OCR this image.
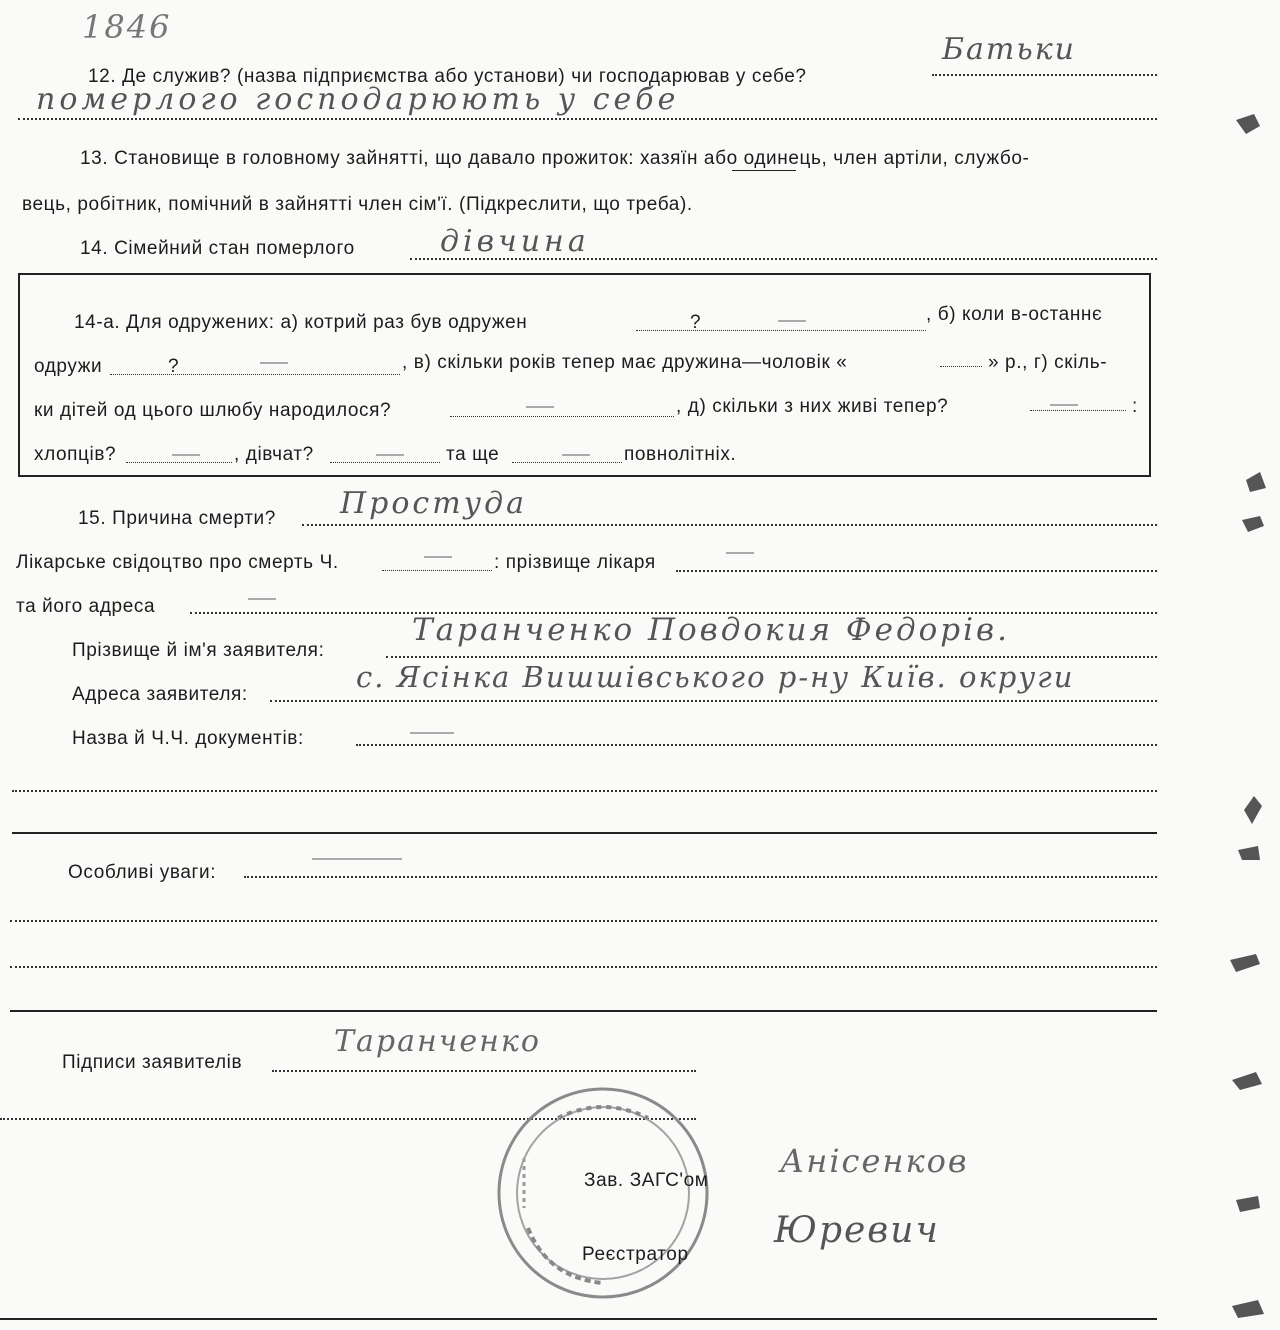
1846
12. Де служив? (назва підприємства або установи) чи господарював у себе?
Батьки
померлого господарюють у себе
13. Становище в головному зайнятті, що давало прожиток: хазяїн або одинець, член артіли, службо-
вець, робітник, помічний в зайнятті член сім'ї. (Підкреслити, що треба).
14. Сімейний стан померлого	дівчина
14-а. Для одружених: а) котрий раз був одружен	?	, б) коли в-останнє
одружи	?	, в) скільки років тепер має дружина—чоловік «	» р., г) скіль-
ки дітей од цього шлюбу народилося?	, д) скільки з них живі тепер?	:
хлопців?	, дівчат?	та ще	повнолітніх.
15. Причина смерти? Простуда
Лікарське свідоцтво про смерть Ч.	: прізвище лікаря
та його адреса
Прізвище й ім'я заявителя:
Таранченко Повдокия Федорів.
Адреса заявителя:
с. Ясінка Вишшівського р-ну Київ. округи
Назва й Ч.Ч. документів:
Особливі уваги:
Підписи заявителів
Таранченко
Зав. ЗАГС'ом
Анісенков
Реєстратор
Юревич
